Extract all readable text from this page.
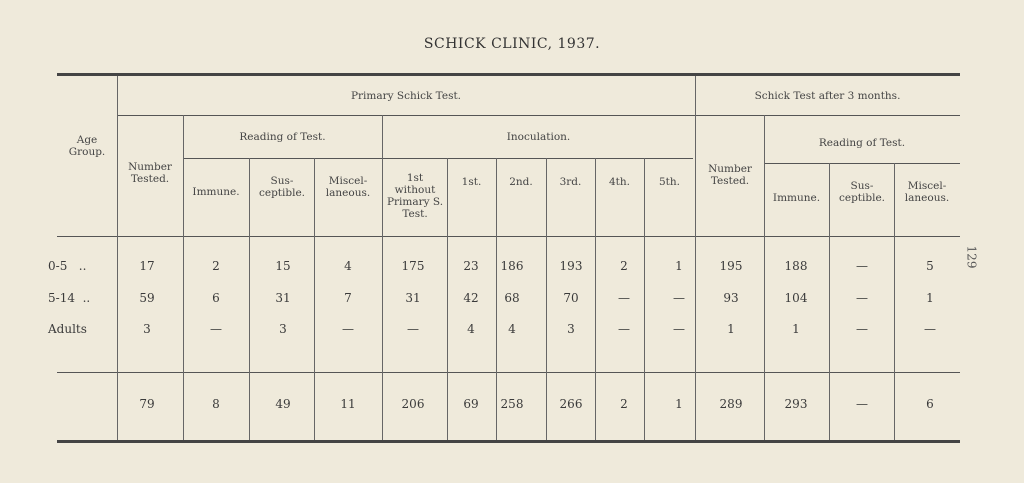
SCHICK CLINIC, 1937.
129
Age Group.
Primary Schick Test.	Schick Test after 3 months.
Number Tested.
Reading of Test.	Inoculation.
Immune.
Sus-ceptible.
Miscel-laneous.
1st without Primary S. Test.
1st.	2nd.	3rd.	4th.	5th.
Number Tested.
Reading of Test.
Immune.
Sus-ceptible.
Miscel-laneous.
0-5   ..
5-14  ..
Adults
17	2	15	4	175	23	186	193	2	1	195	188	—	5
59	6	31	7	31	42	68	70	—	—	93	104	—	1
3	—	3	—	—	4	4	3	—	—	1	1	—	—
79	8	49	11	206	69	258	266	2	1	289	293	—	6
